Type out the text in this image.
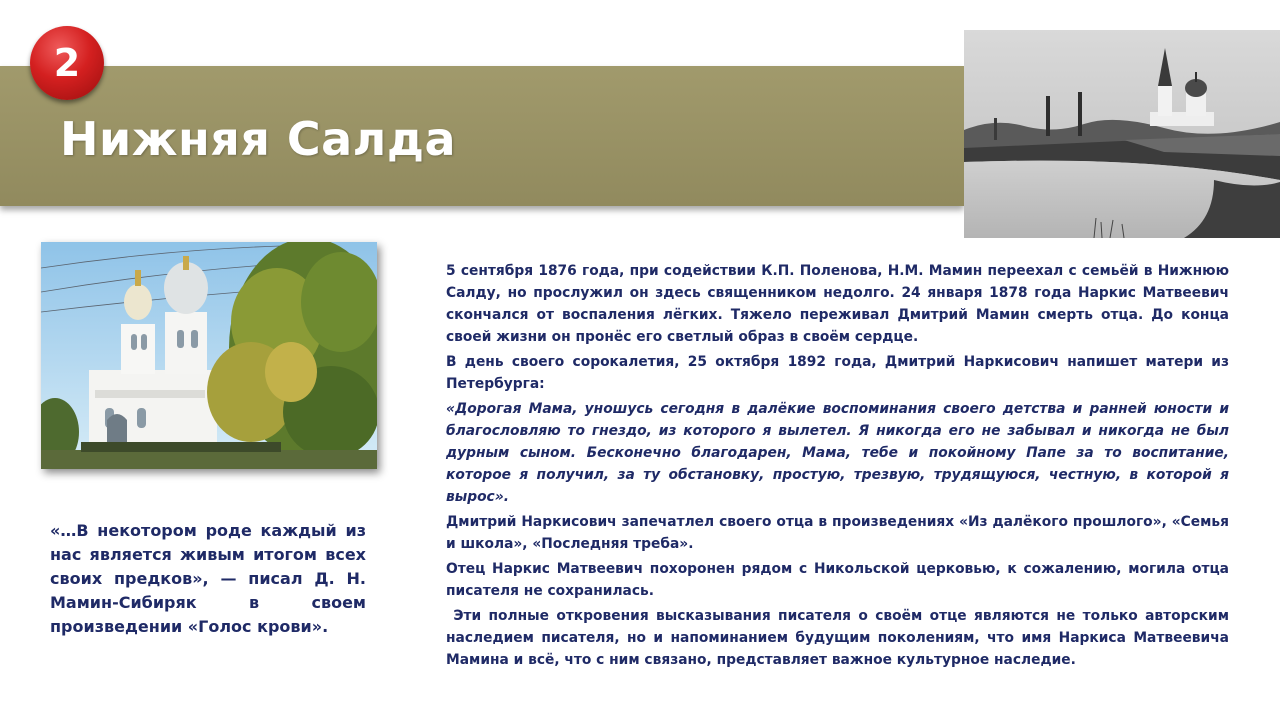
Нижняя Салда
2

«…В некотором роде каждый из нас является живым итогом всех своих предков», — писал Д. Н. Мамин-Сибиряк в своем произведении «Голос крови».

5 сентября 1876 года, при содействии К.П. Поленова, Н.М. Мамин переехал с семьёй в Нижнюю Салду, но прослужил он здесь священником недолго. 24 января 1878 года Наркис Матвеевич скончался от воспаления лёгких. Тяжело переживал Дмитрий Мамин смерть отца. До конца своей жизни он пронёс его светлый образ в своём сердце.

В день своего сорокалетия, 25 октября 1892 года, Дмитрий Наркисович напишет матери из Петербурга:

«Дорогая Мама, уношусь сегодня в далёкие воспоминания своего детства и ранней юности и благословляю то гнездо, из которого я вылетел. Я никогда его не забывал и никогда не был дурным сыном. Бесконечно благодарен, Мама, тебе и покойному Папе за то воспитание, которое я получил, за ту обстановку, простую, трезвую, трудящуюся, честную, в которой я вырос».

Дмитрий Наркисович запечатлел своего отца в произведениях «Из далёкого прошлого», «Семья и школа», «Последняя треба».

Отец Наркис Матвеевич похоронен рядом с Никольской церковью, к сожалению, могила отца писателя не сохранилась.

Эти полные откровения высказывания писателя о своём отце являются не только авторским наследием писателя, но и напоминанием будущим поколениям, что имя Наркиса Матвеевича Мамина и всё, что с ним связано, представляет важное культурное наследие.
